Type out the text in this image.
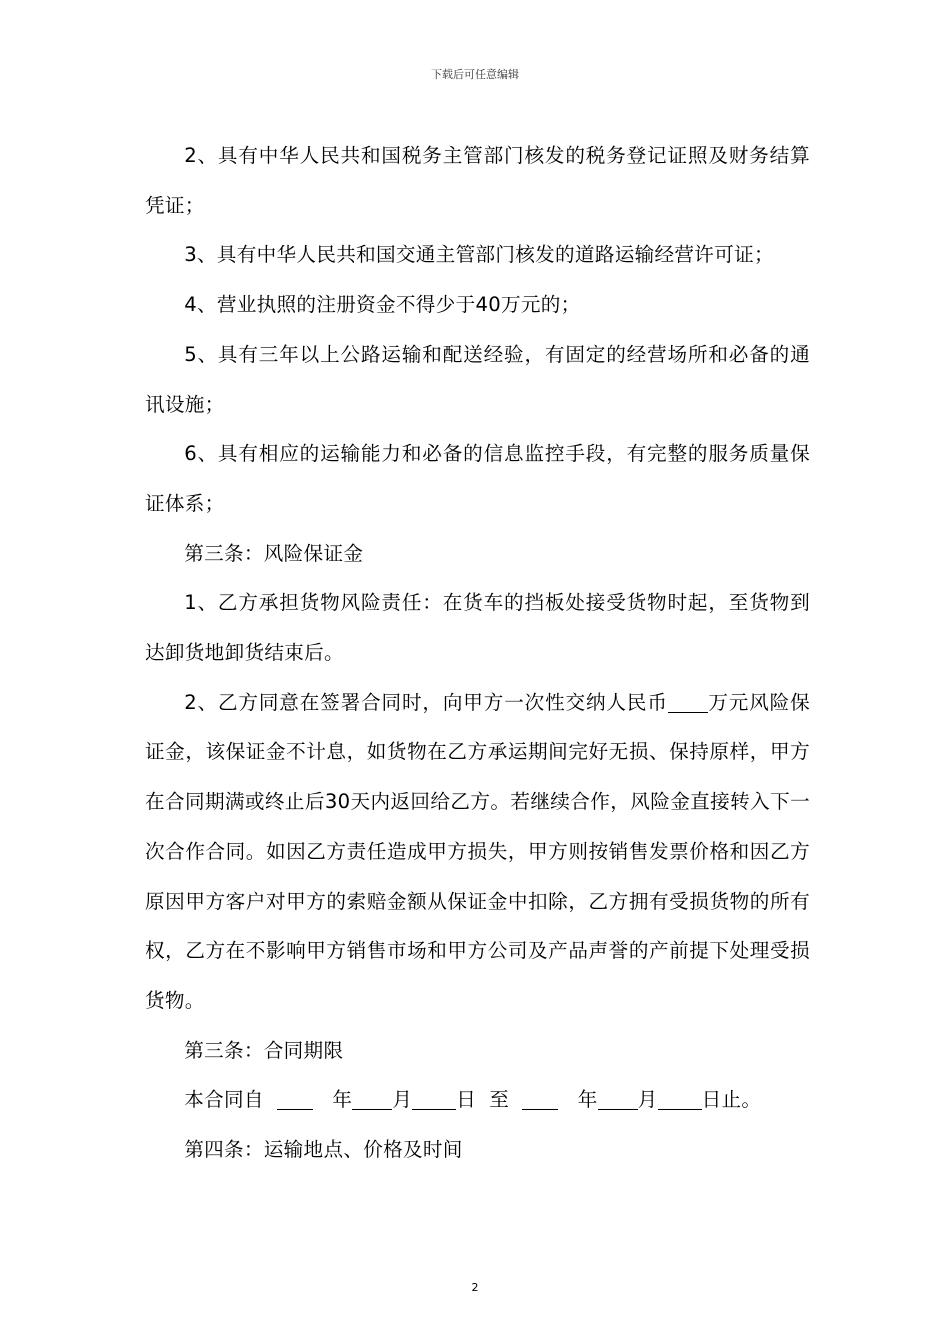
下载后可任意编辑

2、具有中华人民共和国税务主管部门核发的税务登记证照及财务结算凭证；

3、具有中华人民共和国交通主管部门核发的道路运输经营许可证；

4、营业执照的注册资金不得少于40万元的；

5、具有三年以上公路运输和配送经验，有固定的经营场所和必备的通讯设施；

6、具有相应的运输能力和必备的信息监控手段，有完整的服务质量保证体系；

第三条：风险保证金

1、乙方承担货物风险责任：在货车的挡板处接受货物时起，至货物到达卸货地卸货结束后。

2、乙方同意在签署合同时，向甲方一次性交纳人民币 万元风险保证金，该保证金不计息，如货物在乙方承运期间完好无损、保持原样，甲方在合同期满或终止后30天内返回给乙方。若继续合作，风险金直接转入下一次合作合同。如因乙方责任造成甲方损失，甲方则按销售发票价格和因乙方原因甲方客户对甲方的索赔金额从保证金中扣除，乙方拥有受损货物的所有权，乙方在不影响甲方销售市场和甲方公司及产品声誉的产前提下处理受损货物。

第三条：合同期限

本合同自	年 月 日 至	年 月 日止。

第四条：运输地点、价格及时间

2
